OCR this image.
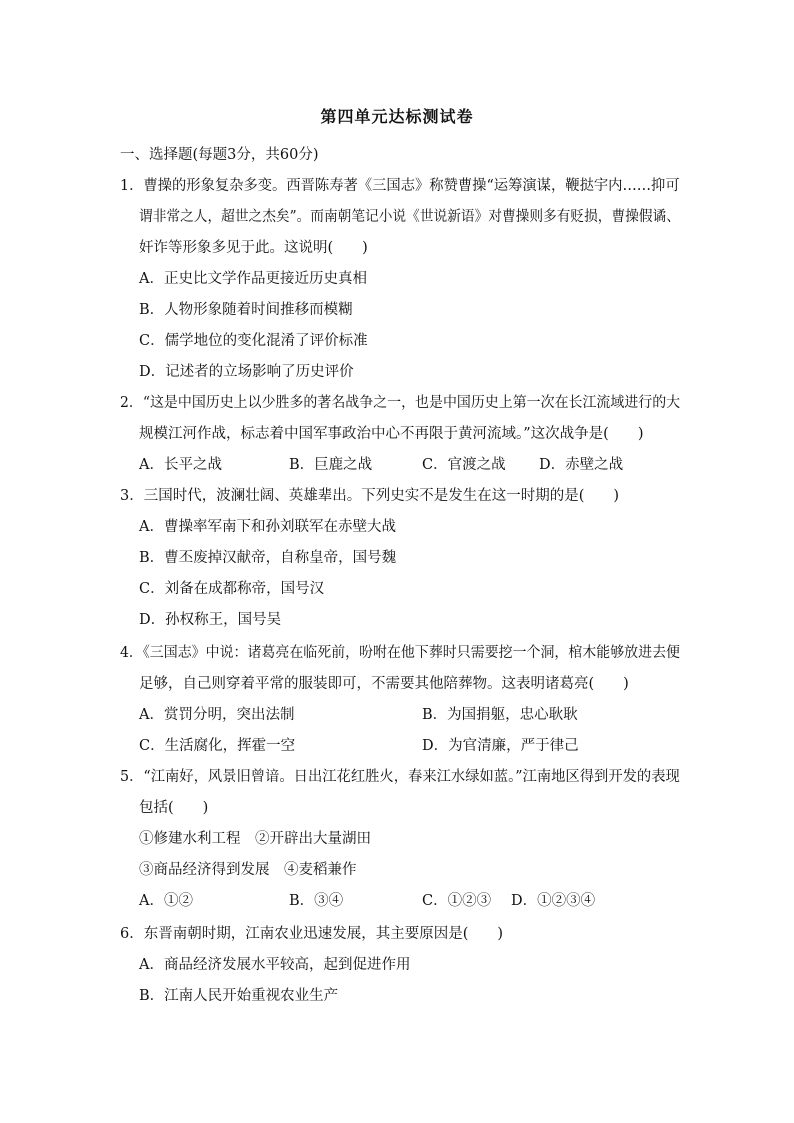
第四单元达标测试卷
一、选择题(每题3分，共60分)
1．曹操的形象复杂多变。西晋陈寿著《三国志》称赞曹操“运筹演谋，鞭挞宇内……抑可
谓非常之人，超世之杰矣”。而南朝笔记小说《世说新语》对曹操则多有贬损，曹操假谲、
奸诈等形象多见于此。这说明(　　)
A．正史比文学作品更接近历史真相
B．人物形象随着时间推移而模糊
C．儒学地位的变化混淆了评价标准
D．记述者的立场影响了历史评价
2．“这是中国历史上以少胜多的著名战争之一，也是中国历史上第一次在长江流域进行的大
规模江河作战，标志着中国军事政治中心不再限于黄河流域。”这次战争是(　　)
A．长平之战	B．巨鹿之战	C．官渡之战 D．赤壁之战
3．三国时代，波澜壮阔、英雄辈出。下列史实不是发生在这一时期的是(　　)
A．曹操率军南下和孙刘联军在赤壁大战
B．曹丕废掉汉献帝，自称皇帝，国号魏
C．刘备在成都称帝，国号汉
D．孙权称王，国号吴
4．《三国志》中说：诸葛亮在临死前，吩咐在他下葬时只需要挖一个洞，棺木能够放进去便
足够，自己则穿着平常的服装即可，不需要其他陪葬物。这表明诸葛亮(　　)
A．赏罚分明，突出法制	B．为国捐躯，忠心耿耿
C．生活腐化，挥霍一空	D．为官清廉，严于律己
5．“江南好，风景旧曾谙。日出江花红胜火，春来江水绿如蓝。”江南地区得到开发的表现
包括(　　)
①修建水利工程　②开辟出大量湖田
③商品经济得到发展　④麦稻兼作
A．①②	B．③④	C．①②③ D．①②③④
6．东晋南朝时期，江南农业迅速发展，其主要原因是(　　)
A．商品经济发展水平较高，起到促进作用
B．江南人民开始重视农业生产
